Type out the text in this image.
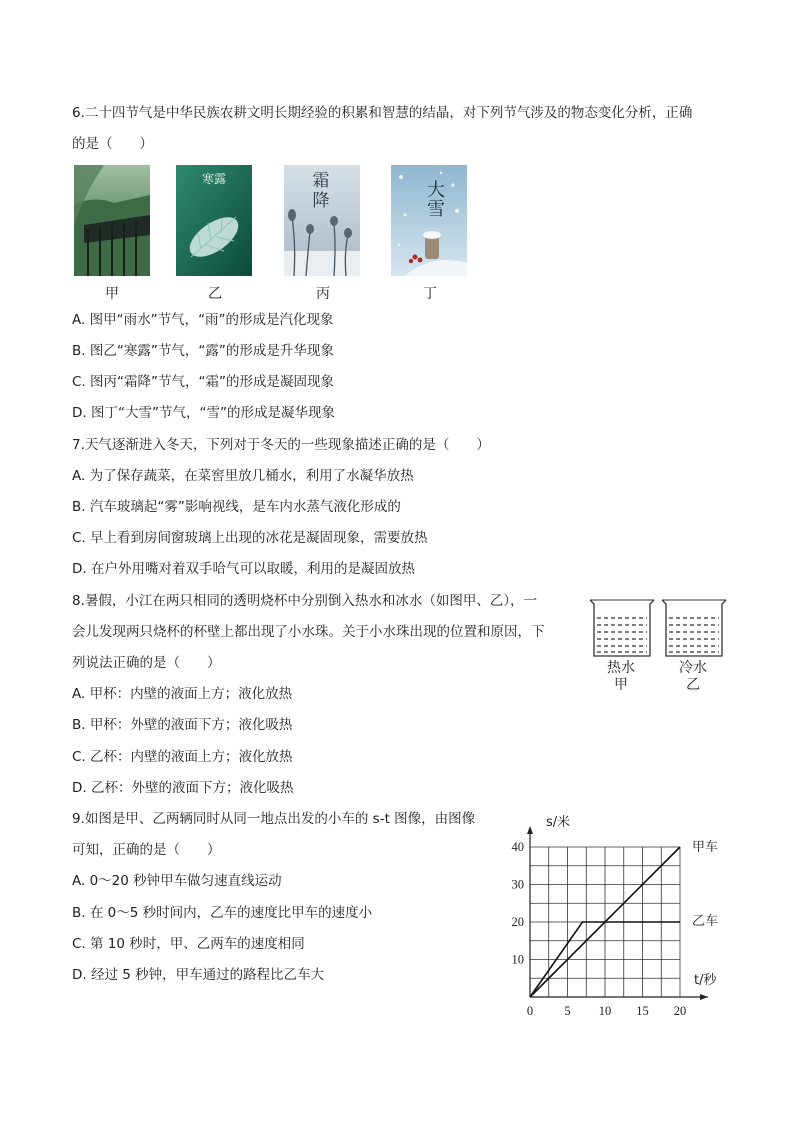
6.二十四节气是中华民族农耕文明长期经验的积累和智慧的结晶，对下列节气涉及的物态变化分析，正确
的是（　　）
寒露	霜降	大雪
甲	乙	丙	丁
A. 图甲“雨水”节气，“雨”的形成是汽化现象
B. 图乙“寒露”节气，“露”的形成是升华现象
C. 图丙“霜降”节气，“霜”的形成是凝固现象
D. 图丁“大雪”节气，“雪”的形成是凝华现象
7.天气逐渐进入冬天，下列对于冬天的一些现象描述正确的是（　　）
A. 为了保存蔬菜，在菜窖里放几桶水，利用了水凝华放热
B. 汽车玻璃起“雾”影响视线，是车内水蒸气液化形成的
C. 早上看到房间窗玻璃上出现的冰花是凝固现象，需要放热
D. 在户外用嘴对着双手哈气可以取暖，利用的是凝固放热
8.暑假，小江在两只相同的透明烧杯中分别倒入热水和冰水（如图甲、乙），一
会儿发现两只烧杯的杯壁上都出现了小水珠。关于小水珠出现的位置和原因，下
列说法正确的是（　　）	热水
甲
冷水
乙
A. 甲杯：内壁的液面上方；液化放热
B. 甲杯：外壁的液面下方；液化吸热
C. 乙杯：内壁的液面上方；液化放热
D. 乙杯：外壁的液面下方；液化吸热
9.如图是甲、乙两辆同时从同一地点出发的小车的 s-t 图像，由图像
可知，正确的是（　　）
A. 0～20 秒钟甲车做匀速直线运动
B. 在 0～5 秒时间内，乙车的速度比甲车的速度小
C. 第 10 秒时，甲、乙两车的速度相同
D. 经过 5 秒钟，甲车通过的路程比乙车大
0	5 10 15 20
10
20
30
40
s/米
t/秒
甲车
乙车
